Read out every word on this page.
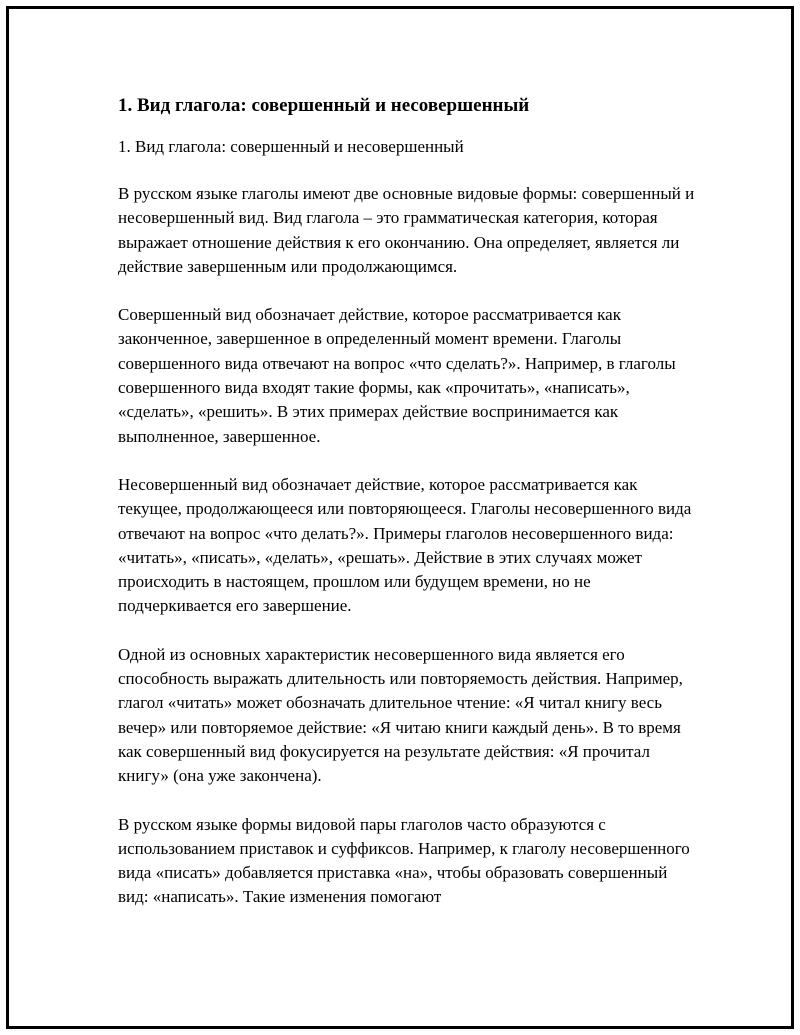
1. Вид глагола: совершенный и несовершенный
1. Вид глагола: совершенный и несовершенный

В русском языке глаголы имеют две основные видовые формы: совершенный и несовершенный вид. Вид глагола – это грамматическая категория, которая выражает отношение действия к его окончанию. Она определяет, является ли действие завершенным или продолжающимся.

Совершенный вид обозначает действие, которое рассматривается как законченное, завершенное в определенный момент времени. Глаголы совершенного вида отвечают на вопрос «что сделать?». Например, в глаголы совершенного вида входят такие формы, как «прочитать», «написать», «сделать», «решить». В этих примерах действие воспринимается как выполненное, завершенное.

Несовершенный вид обозначает действие, которое рассматривается как текущее, продолжающееся или повторяющееся. Глаголы несовершенного вида отвечают на вопрос «что делать?». Примеры глаголов несовершенного вида: «читать», «писать», «делать», «решать». Действие в этих случаях может происходить в настоящем, прошлом или будущем времени, но не подчеркивается его завершение.

Одной из основных характеристик несовершенного вида является его способность выражать длительность или повторяемость действия. Например, глагол «читать» может обозначать длительное чтение: «Я читал книгу весь вечер» или повторяемое действие: «Я читаю книги каждый день». В то время как совершенный вид фокусируется на результате действия: «Я прочитал книгу» (она уже закончена).

В русском языке формы видовой пары глаголов часто образуются с использованием приставок и суффиксов. Например, к глаголу несовершенного вида «писать» добавляется приставка «на», чтобы образовать совершенный вид: «написать». Такие изменения помогают
